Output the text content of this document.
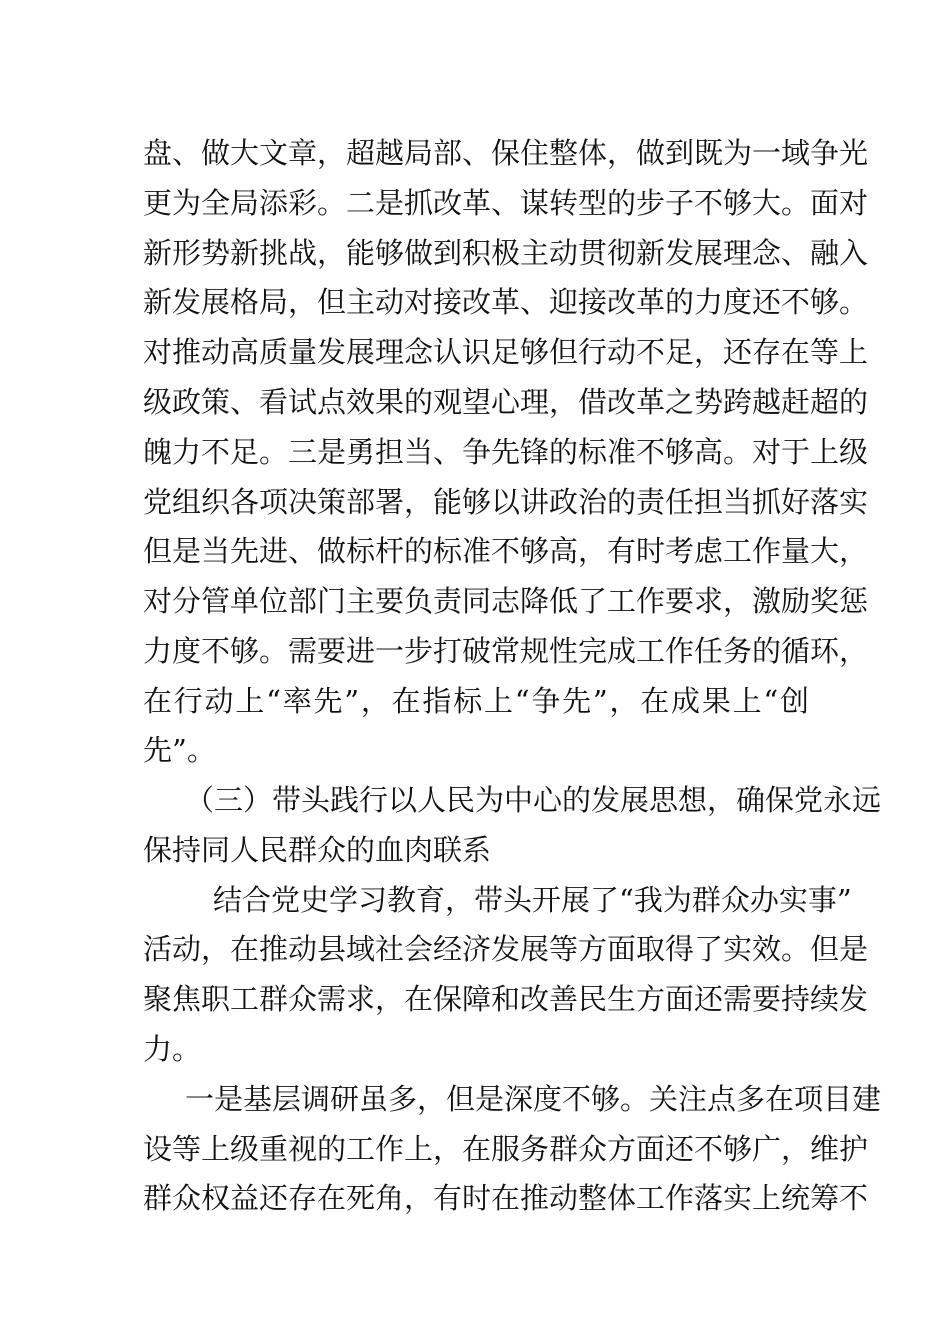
盘、做大文章，超越局部、保住整体，做到既为一域争光
更为全局添彩。二是抓改革、谋转型的步子不够大。面对
新形势新挑战，能够做到积极主动贯彻新发展理念、融入
新发展格局，但主动对接改革、迎接改革的力度还不够。
对推动高质量发展理念认识足够但行动不足，还存在等上
级政策、看试点效果的观望心理，借改革之势跨越赶超的
魄力不足。三是勇担当、争先锋的标准不够高。对于上级
党组织各项决策部署，能够以讲政治的责任担当抓好落实
但是当先进、做标杆的标准不够高，有时考虑工作量大，
对分管单位部门主要负责同志降低了工作要求，激励奖惩
力度不够。需要进一步打破常规性完成工作任务的循环，
在行动上“率先”，在指标上“争先”，在成果上“创
先”。
（三）带头践行以人民为中心的发展思想，确保党永远
保持同人民群众的血肉联系
结合党史学习教育，带头开展了“我为群众办实事”
活动，在推动县域社会经济发展等方面取得了实效。但是
聚焦职工群众需求，在保障和改善民生方面还需要持续发
力。
一是基层调研虽多，但是深度不够。关注点多在项目建
设等上级重视的工作上，在服务群众方面还不够广，维护
群众权益还存在死角，有时在推动整体工作落实上统筹不
